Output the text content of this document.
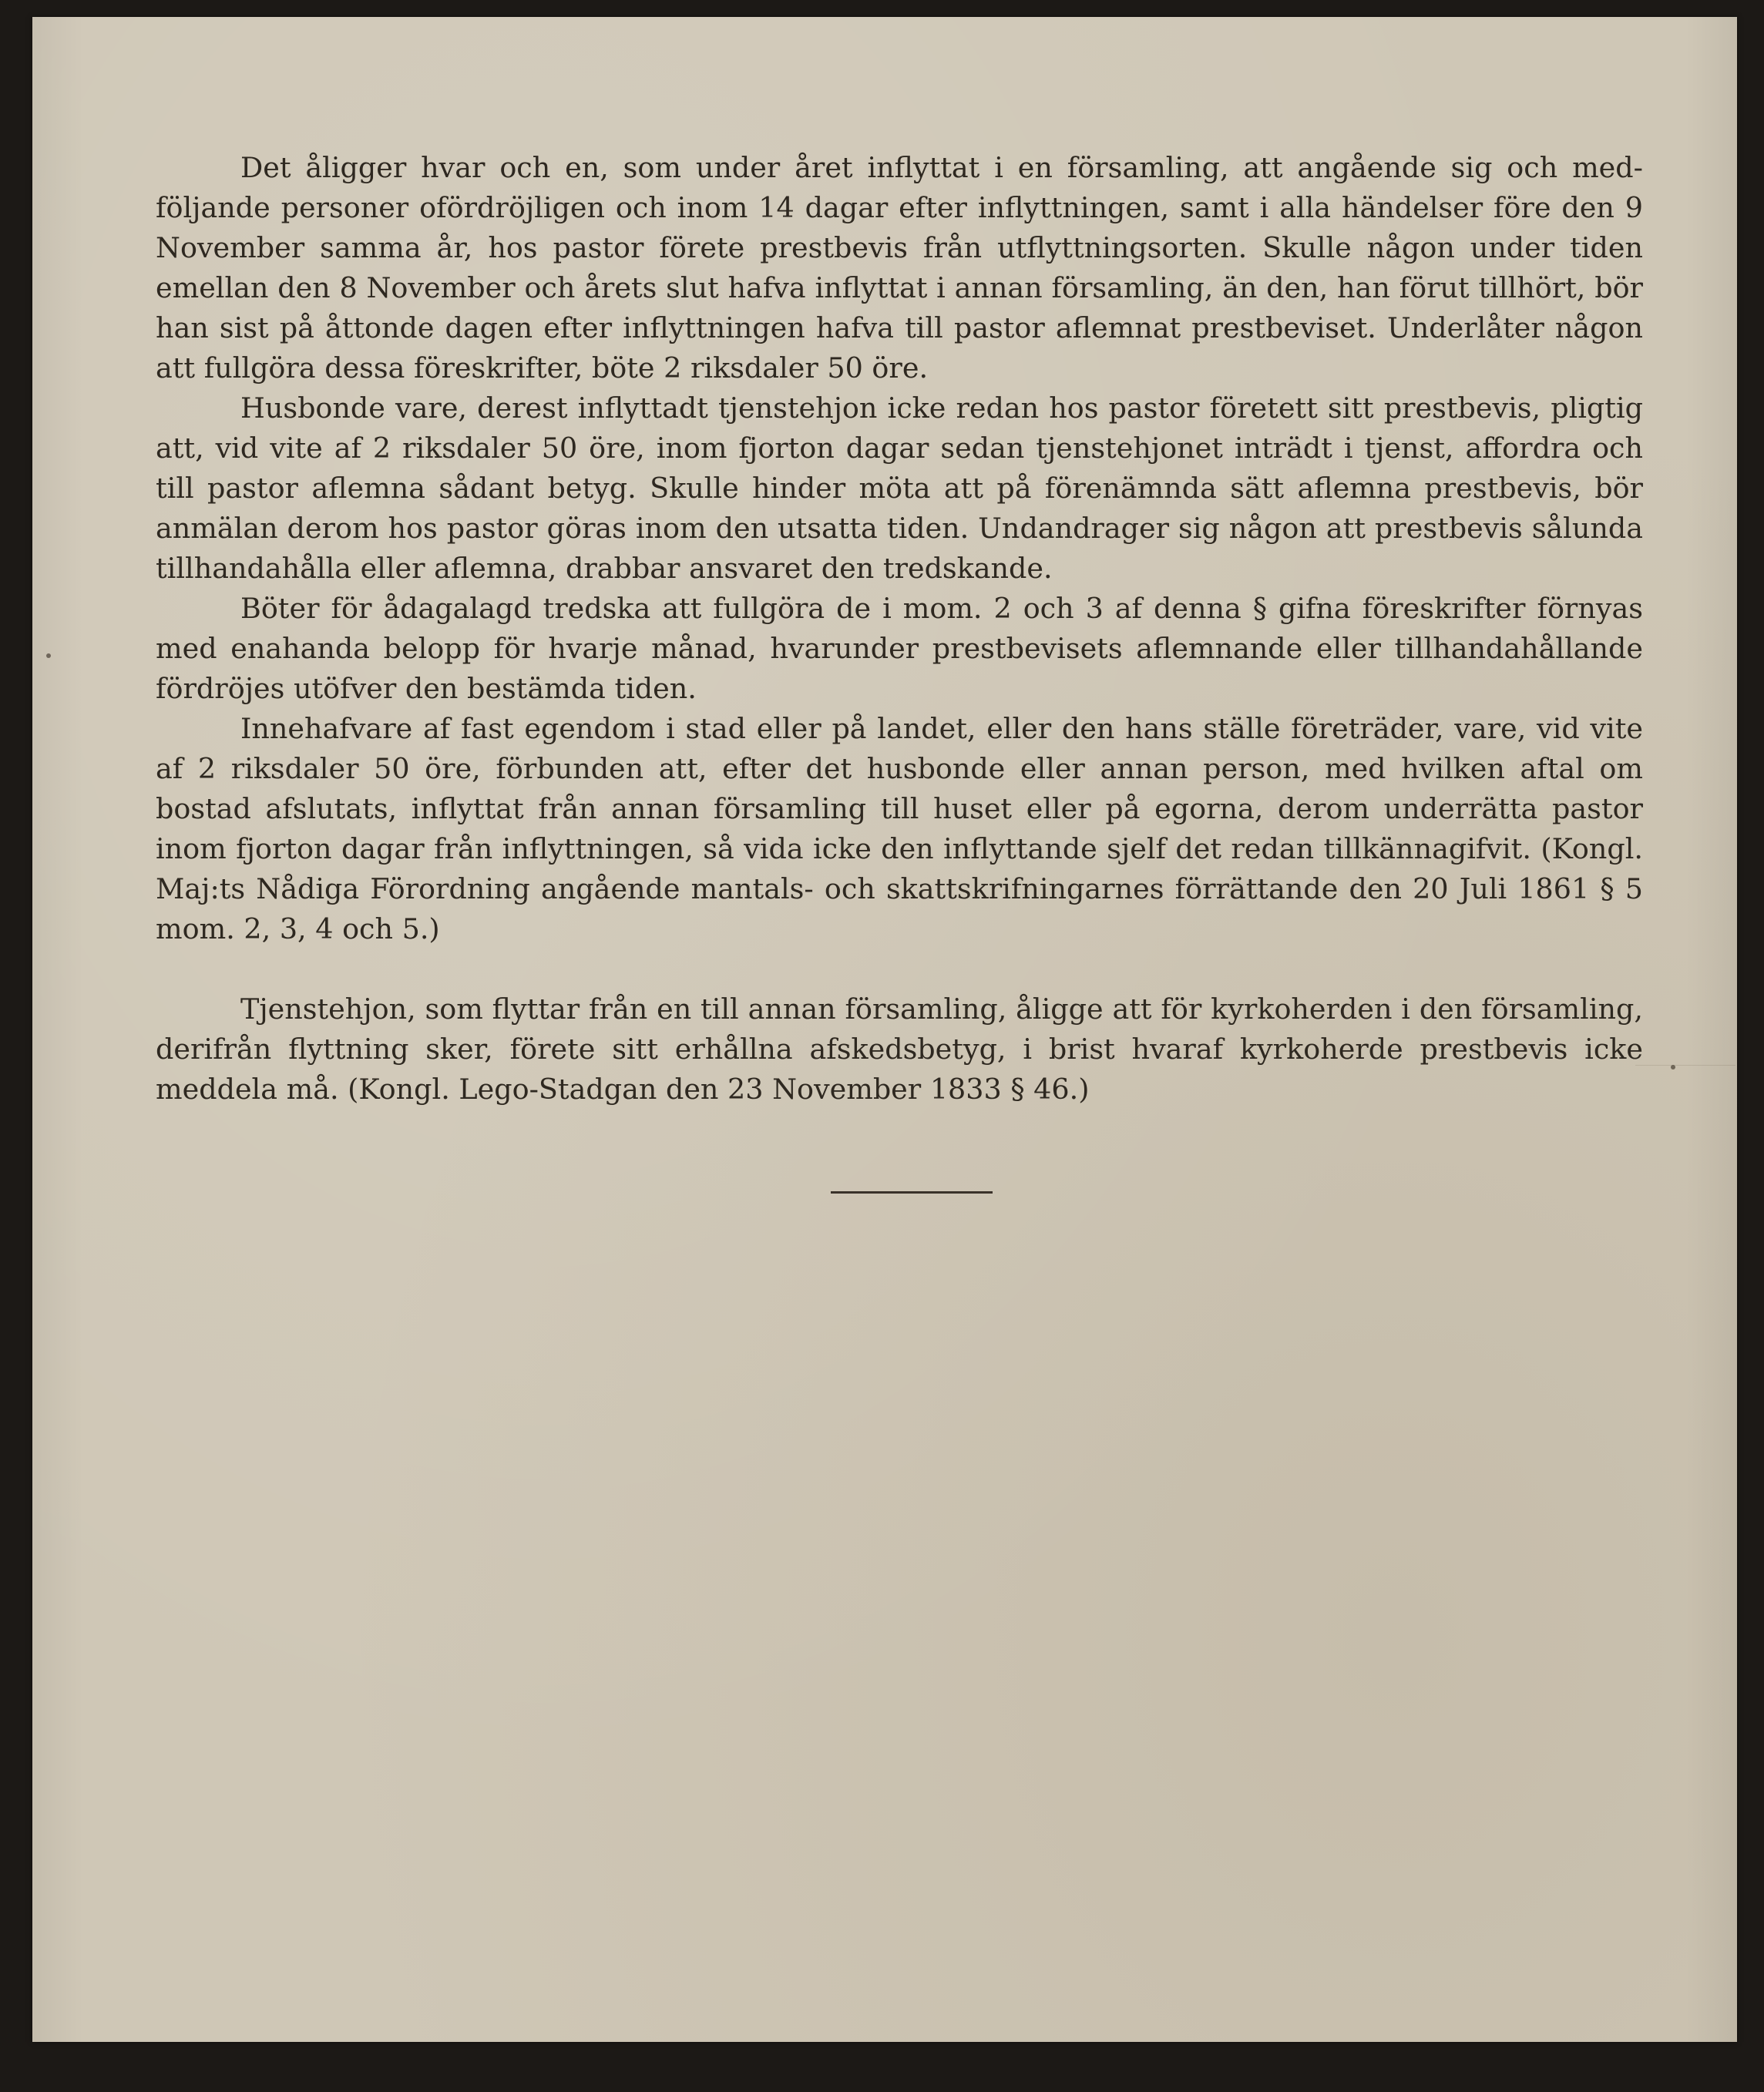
Det åligger hvar och en, som under året inflyttat i en församling, att angående sig och medföljande personer ofördröjligen och inom 14 dagar efter inflyttningen, samt i alla händelser före den 9 November samma år, hos pastor förete prestbevis från utflyttningsorten. Skulle någon under tiden emellan den 8 November och årets slut hafva inflyttat i annan församling, än den, han förut tillhört, bör han sist på åttonde dagen efter inflyttningen hafva till pastor aflemnat prestbeviset. Underlåter någon att fullgöra dessa föreskrifter, böte 2 riksdaler 50 öre.

Husbonde vare, derest inflyttadt tjenstehjon icke redan hos pastor företett sitt prestbevis, pligtig att, vid vite af 2 riksdaler 50 öre, inom fjorton dagar sedan tjenstehjonet inträdt i tjenst, affordra och till pastor aflemna sådant betyg. Skulle hinder möta att på förenämnda sätt aflemna prestbevis, bör anmälan derom hos pastor göras inom den utsatta tiden. Undandrager sig någon att prestbevis sålunda tillhandahålla eller aflemna, drabbar ansvaret den tredskande.

Böter för ådagalagd tredska att fullgöra de i mom. 2 och 3 af denna § gifna föreskrifter förnyas med enahanda belopp för hvarje månad, hvarunder prestbevisets aflemnande eller tillhandahållande fördröjes utöfver den bestämda tiden.

Innehafvare af fast egendom i stad eller på landet, eller den hans ställe företräder, vare, vid vite af 2 riksdaler 50 öre, förbunden att, efter det husbonde eller annan person, med hvilken aftal om bostad afslutats, inflyttat från annan församling till huset eller på egorna, derom underrätta pastor inom fjorton dagar från inflyttningen, så vida icke den inflyttande sjelf det redan tillkännagifvit. (Kongl. Maj:ts Nådiga Förordning angående mantals- och skattskrifningarnes förrättande den 20 Juli 1861 § 5 mom. 2, 3, 4 och 5.)

Tjenstehjon, som flyttar från en till annan församling, åligge att för kyrkoherden i den församling, derifrån flyttning sker, förete sitt erhållna afskedsbetyg, i brist hvaraf kyrkoherde prestbevis icke meddela må. (Kongl. Lego-Stadgan den 23 November 1833 § 46.)
